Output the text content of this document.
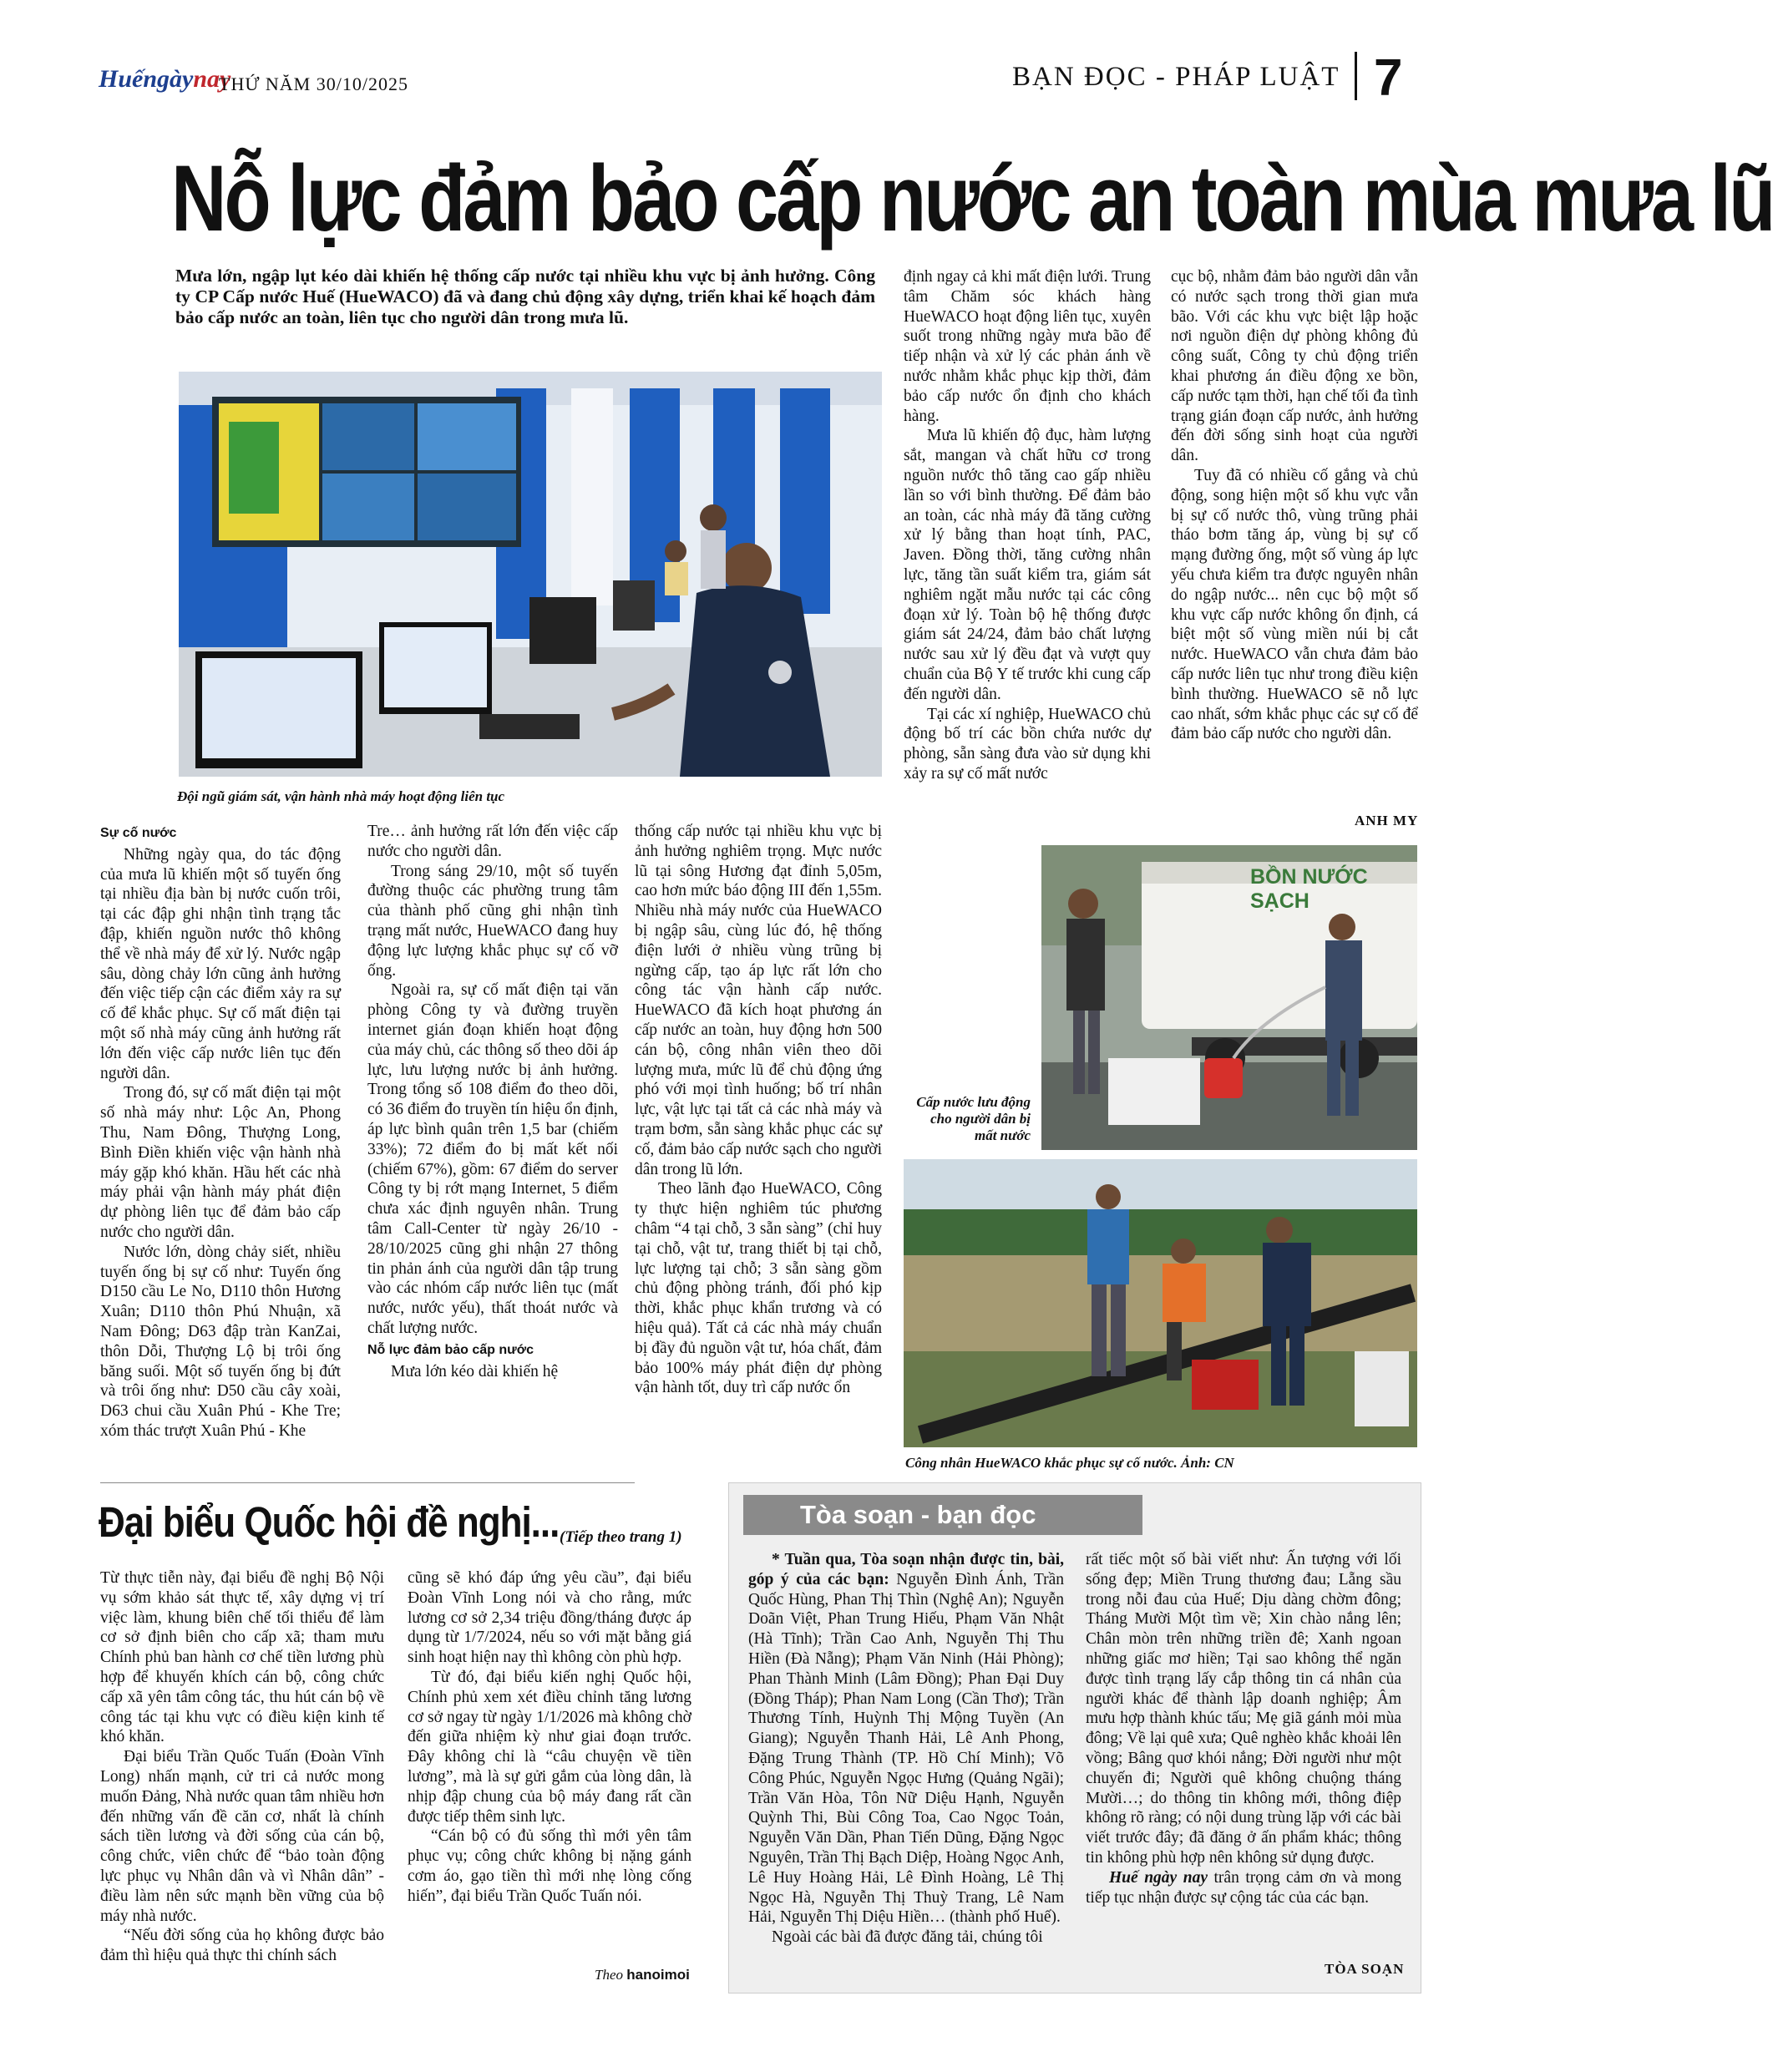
Huếngàynay
THỨ NĂM 30/10/2025	BẠN ĐỌC - PHÁP LUẬT 7
Nỗ lực đảm bảo cấp nước an toàn mùa mưa lũ
Mưa lớn, ngập lụt kéo dài khiến hệ thống cấp nước tại nhiều khu vực bị ảnh hưởng. Công ty CP Cấp nước Huế (HueWACO) đã và đang chủ động xây dựng, triển khai kế hoạch đảm bảo cấp nước an toàn, liên tục cho người dân trong mưa lũ.
Đội ngũ giám sát, vận hành nhà máy hoạt động liên tục

Sự cố nước

Những ngày qua, do tác động của mưa lũ khiến một số tuyến ống tại nhiều địa bàn bị nước cuốn trôi, tại các đập ghi nhận tình trạng tắc đập, khiến nguồn nước thô không thể về nhà máy để xử lý. Nước ngập sâu, dòng chảy lớn cũng ảnh hưởng đến việc tiếp cận các điểm xảy ra sự cố để khắc phục. Sự cố mất điện tại một số nhà máy cũng ảnh hưởng rất lớn đến việc cấp nước liên tục đến người dân.

Trong đó, sự cố mất điện tại một số nhà máy như: Lộc An, Phong Thu, Nam Đông, Thượng Long, Bình Điền khiến việc vận hành nhà máy gặp khó khăn. Hầu hết các nhà máy phải vận hành máy phát điện dự phòng liên tục để đảm bảo cấp nước cho người dân.

Nước lớn, dòng chảy siết, nhiều tuyến ống bị sự cố như: Tuyến ống D150 cầu Le No, D110 thôn Hương Xuân; D110 thôn Phú Nhuận, xã Nam Đông; D63 đập tràn KanZai, thôn Dỗi, Thượng Lộ bị trôi ống băng suối. Một số tuyến ống bị đứt và trôi ống như: D50 cầu cây xoài, D63 chui cầu Xuân Phú - Khe Tre; xóm thác trượt Xuân Phú - Khe

Tre… ảnh hưởng rất lớn đến việc cấp nước cho người dân.

Trong sáng 29/10, một số tuyến đường thuộc các phường trung tâm của thành phố cũng ghi nhận tình trạng mất nước, HueWACO đang huy động lực lượng khắc phục sự cố vỡ ống.

Ngoài ra, sự cố mất điện tại văn phòng Công ty và đường truyền internet gián đoạn khiến hoạt động của máy chủ, các thông số theo dõi áp lực, lưu lượng nước bị ảnh hưởng. Trong tổng số 108 điểm đo theo dõi, có 36 điểm đo truyền tín hiệu ổn định, áp lực bình quân trên 1,5 bar (chiếm 33%); 72 điểm đo bị mất kết nối (chiếm 67%), gồm: 67 điểm do server Công ty bị rớt mạng Internet, 5 điểm chưa xác định nguyên nhân. Trung tâm Call-Center từ ngày 26/10 - 28/10/2025 cũng ghi nhận 27 thông tin phản ánh của người dân tập trung vào các nhóm cấp nước liên tục (mất nước, nước yếu), thất thoát nước và chất lượng nước.

Nỗ lực đảm bảo cấp nước

Mưa lớn kéo dài khiến hệ

thống cấp nước tại nhiều khu vực bị ảnh hưởng nghiêm trọng. Mực nước lũ tại sông Hương đạt đỉnh 5,05m, cao hơn mức báo động III đến 1,55m. Nhiều nhà máy nước của HueWACO bị ngập sâu, cùng lúc đó, hệ thống điện lưới ở nhiều vùng trũng bị ngừng cấp, tạo áp lực rất lớn cho công tác vận hành cấp nước. HueWACO đã kích hoạt phương án cấp nước an toàn, huy động hơn 500 cán bộ, công nhân viên theo dõi lượng mưa, mức lũ để chủ động ứng phó với mọi tình huống; bố trí nhân lực, vật lực tại tất cả các nhà máy và trạm bơm, sẵn sàng khắc phục các sự cố, đảm bảo cấp nước sạch cho người dân trong lũ lớn.

Theo lãnh đạo HueWACO, Công ty thực hiện nghiêm túc phương châm “4 tại chỗ, 3 sẵn sàng” (chỉ huy tại chỗ, vật tư, trang thiết bị tại chỗ, lực lượng tại chỗ; 3 sẵn sàng gồm chủ động phòng tránh, đối phó kịp thời, khắc phục khẩn trương và có hiệu quả). Tất cả các nhà máy chuẩn bị đầy đủ nguồn vật tư, hóa chất, đảm bảo 100% máy phát điện dự phòng vận hành tốt, duy trì cấp nước ổn

định ngay cả khi mất điện lưới. Trung tâm Chăm sóc khách hàng HueWACO hoạt động liên tục, xuyên suốt trong những ngày mưa bão để tiếp nhận và xử lý các phản ánh về nước nhằm khắc phục kịp thời, đảm bảo cấp nước ổn định cho khách hàng.

Mưa lũ khiến độ đục, hàm lượng sắt, mangan và chất hữu cơ trong nguồn nước thô tăng cao gấp nhiều lần so với bình thường. Để đảm bảo an toàn, các nhà máy đã tăng cường xử lý bằng than hoạt tính, PAC, Javen. Đồng thời, tăng cường nhân lực, tăng tần suất kiểm tra, giám sát nghiêm ngặt mẫu nước tại các công đoạn xử lý. Toàn bộ hệ thống được giám sát 24/24, đảm bảo chất lượng nước sau xử lý đều đạt và vượt quy chuẩn của Bộ Y tế trước khi cung cấp đến người dân.

Tại các xí nghiệp, HueWACO chủ động bố trí các bồn chứa nước dự phòng, sẵn sàng đưa vào sử dụng khi xảy ra sự cố mất nước

cục bộ, nhằm đảm bảo người dân vẫn có nước sạch trong thời gian mưa bão. Với các khu vực biệt lập hoặc nơi nguồn điện dự phòng không đủ công suất, Công ty chủ động triển khai phương án điều động xe bồn, cấp nước tạm thời, hạn chế tối đa tình trạng gián đoạn cấp nước, ảnh hưởng đến đời sống sinh hoạt của người dân.

Tuy đã có nhiều cố gắng và chủ động, song hiện một số khu vực vẫn bị sự cố nước thô, vùng trũng phải tháo bơm tăng áp, vùng bị sự cố mạng đường ống, một số vùng áp lực yếu chưa kiểm tra được nguyên nhân do ngập nước... nên cục bộ một số khu vực cấp nước không ổn định, cá biệt một số vùng miền núi bị cắt nước. HueWACO vẫn chưa đảm bảo cấp nước liên tục như trong điều kiện bình thường. HueWACO sẽ nỗ lực cao nhất, sớm khắc phục các sự cố để đảm bảo cấp nước cho người dân.

ANH MY
BỒN NƯỚC SẠCH
Cấp nước lưu động cho người dân bị mất nước
Công nhân HueWACO khắc phục sự cố nước. Ảnh: CN
Đại biểu Quốc hội đề nghị... (Tiếp theo trang 1)

Từ thực tiễn này, đại biểu đề nghị Bộ Nội vụ sớm khảo sát thực tế, xây dựng vị trí việc làm, khung biên chế tối thiểu để làm cơ sở định biên cho cấp xã; tham mưu Chính phủ ban hành cơ chế tiền lương phù hợp để khuyến khích cán bộ, công chức cấp xã yên tâm công tác, thu hút cán bộ về công tác tại khu vực có điều kiện kinh tế khó khăn.

Đại biểu Trần Quốc Tuấn (Đoàn Vĩnh Long) nhấn mạnh, cử tri cả nước mong muốn Đảng, Nhà nước quan tâm nhiều hơn đến những vấn đề căn cơ, nhất là chính sách tiền lương và đời sống của cán bộ, công chức, viên chức để “bảo toàn động lực phục vụ Nhân dân và vì Nhân dân” - điều làm nên sức mạnh bền vững của bộ máy nhà nước.

“Nếu đời sống của họ không được bảo đảm thì hiệu quả thực thi chính sách

cũng sẽ khó đáp ứng yêu cầu”, đại biểu Đoàn Vĩnh Long nói và cho rằng, mức lương cơ sở 2,34 triệu đồng/tháng được áp dụng từ 1/7/2024, nếu so với mặt bằng giá sinh hoạt hiện nay thì không còn phù hợp.

Từ đó, đại biểu kiến nghị Quốc hội, Chính phủ xem xét điều chỉnh tăng lương cơ sở ngay từ ngày 1/1/2026 mà không chờ đến giữa nhiệm kỳ như giai đoạn trước. Đây không chỉ là “câu chuyện về tiền lương”, mà là sự gửi gắm của lòng dân, là nhịp đập chung của bộ máy đang rất cần được tiếp thêm sinh lực.

“Cán bộ có đủ sống thì mới yên tâm phục vụ; công chức không bị nặng gánh cơm áo, gạo tiền thì mới nhẹ lòng cống hiến”, đại biểu Trần Quốc Tuấn nói.

Theo hanoimoi
Tòa soạn - bạn đọc

* Tuần qua, Tòa soạn nhận được tin, bài, góp ý của các bạn: Nguyễn Đình Ánh, Trần Quốc Hùng, Phan Thị Thìn (Nghệ An); Nguyễn Doãn Việt, Phan Trung Hiếu, Phạm Văn Nhật (Hà Tĩnh); Trần Cao Anh, Nguyễn Thị Thu Hiền (Đà Nẵng); Phạm Văn Ninh (Hải Phòng); Phan Thành Minh (Lâm Đồng); Phan Đại Duy (Đồng Tháp); Phan Nam Long (Cần Thơ); Trần Thương Tính, Huỳnh Thị Mộng Tuyền (An Giang); Nguyễn Thanh Hải, Lê Anh Phong, Đặng Trung Thành (TP. Hồ Chí Minh); Võ Công Phúc, Nguyễn Ngọc Hưng (Quảng Ngãi); Trần Văn Hòa, Tôn Nữ Diệu Hạnh, Nguyễn Quỳnh Thi, Bùi Công Toa, Cao Ngọc Toản, Nguyễn Văn Dần, Phan Tiến Dũng, Đặng Ngọc Nguyên, Trần Thị Bạch Diệp, Hoàng Ngọc Anh, Lê Huy Hoàng Hải, Lê Đình Hoàng, Lê Thị Ngọc Hà, Nguyễn Thị Thuỳ Trang, Lê Nam Hải, Nguyễn Thị Diệu Hiền… (thành phố Huế).

Ngoài các bài đã được đăng tải, chúng tôi

rất tiếc một số bài viết như: Ấn tượng với lối sống đẹp; Miền Trung thương đau; Lẵng sầu trong nỗi đau của Huế; Dịu dàng chờm đông; Tháng Mười Một tìm về; Xin chào nắng lên; Chân mòn trên những triền đê; Xanh ngoan những giấc mơ hiền; Tại sao không thể ngăn được tình trạng lấy cắp thông tin cá nhân của người khác để thành lập doanh nghiệp; Âm mưu hợp thành khúc tấu; Mẹ giã gánh mỏi mùa đông; Về lại quê xưa; Quê nghèo khắc khoải lên vồng; Bâng quơ khói nắng; Đời người như một chuyến đi; Người quê không chuộng tháng Mười…; do thông tin không mới, thông điệp không rõ ràng; có nội dung trùng lặp với các bài viết trước đây; đã đăng ở ấn phẩm khác; thông tin không phù hợp nên không sử dụng được.

Huế ngày nay trân trọng cảm ơn và mong tiếp tục nhận được sự cộng tác của các bạn.

TÒA SOẠN
